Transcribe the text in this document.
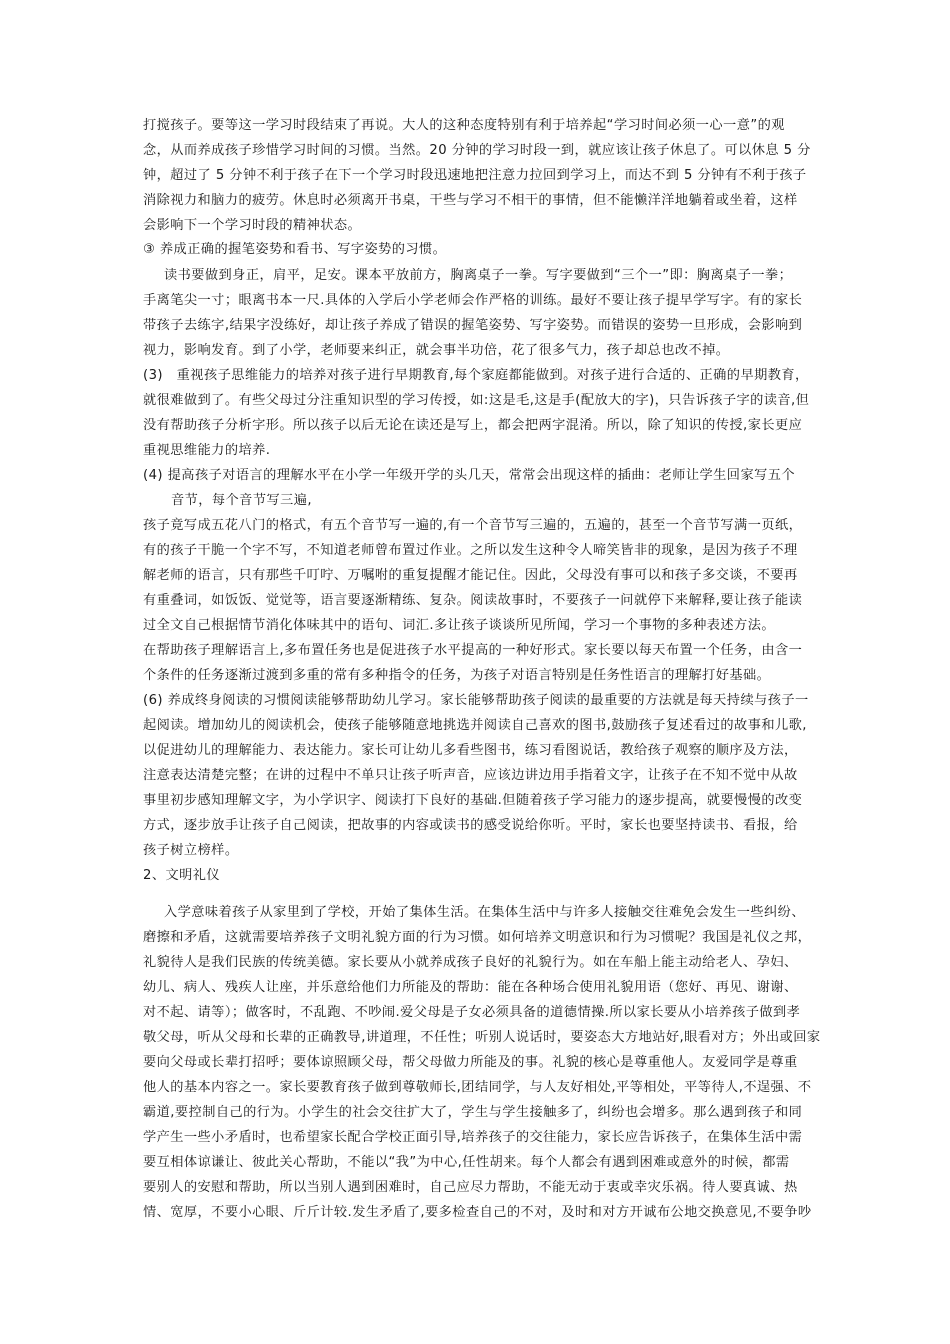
打搅孩子。要等这一学习时段结束了再说。大人的这种态度特别有利于培养起“学习时间必须一心一意”的观
念，从而养成孩子珍惜学习时间的习惯。当然。20 分钟的学习时段一到，就应该让孩子休息了。可以休息 5 分
钟，超过了 5 分钟不利于孩子在下一个学习时段迅速地把注意力拉回到学习上，而达不到 5 分钟有不利于孩子
消除视力和脑力的疲劳。休息时必须离开书桌，干些与学习不相干的事情，但不能懒洋洋地躺着或坐着，这样
会影响下一个学习时段的精神状态。
③ 养成正确的握笔姿势和看书、写字姿势的习惯。
读书要做到身正，肩平，足安。课本平放前方，胸离桌子一拳。写字要做到“三个一”即：胸离桌子一拳；
手离笔尖一寸；眼离书本一尺.具体的入学后小学老师会作严格的训练。最好不要让孩子提早学写字。有的家长
带孩子去练字,结果字没练好，却让孩子养成了错误的握笔姿势、写字姿势。而错误的姿势一旦形成，会影响到
视力，影响发育。到了小学，老师要来纠正，就会事半功倍，花了很多气力，孩子却总也改不掉。
(3)　重视孩子思维能力的培养对孩子进行早期教育,每个家庭都能做到。对孩子进行合适的、正确的早期教育，
就很难做到了。有些父母过分注重知识型的学习传授，如:这是毛,这是手(配放大的字)，只告诉孩子字的读音,但
没有帮助孩子分析字形。所以孩子以后无论在读还是写上，都会把两字混淆。所以，除了知识的传授,家长更应
重视思维能力的培养.
(4) 提高孩子对语言的理解水平在小学一年级开学的头几天，常常会出现这样的插曲：老师让学生回家写五个
音节，每个音节写三遍,
孩子竟写成五花八门的格式，有五个音节写一遍的,有一个音节写三遍的，五遍的，甚至一个音节写满一页纸，
有的孩子干脆一个字不写，不知道老师曾布置过作业。之所以发生这种令人啼笑皆非的现象，是因为孩子不理
解老师的语言，只有那些千叮咛、万嘱咐的重复提醒才能记住。因此，父母没有事可以和孩子多交谈，不要再
有重叠词，如饭饭、觉觉等，语言要逐渐精练、复杂。阅读故事时，不要孩子一问就停下来解释,要让孩子能读
过全文自己根据情节消化体味其中的语句、词汇.多让孩子谈谈所见所闻，学习一个事物的多种表述方法。
在帮助孩子理解语言上,多布置任务也是促进孩子水平提高的一种好形式。家长要以每天布置一个任务，由含一
个条件的任务逐渐过渡到多重的常有多种指令的任务，为孩子对语言特别是任务性语言的理解打好基础。
(6) 养成终身阅读的习惯阅读能够帮助幼儿学习。家长能够帮助孩子阅读的最重要的方法就是每天持续与孩子一
起阅读。增加幼儿的阅读机会，使孩子能够随意地挑选并阅读自己喜欢的图书,鼓励孩子复述看过的故事和儿歌,
以促进幼儿的理解能力、表达能力。家长可让幼儿多看些图书，练习看图说话，教给孩子观察的顺序及方法，
注意表达清楚完整；在讲的过程中不单只让孩子听声音，应该边讲边用手指着文字，让孩子在不知不觉中从故
事里初步感知理解文字，为小学识字、阅读打下良好的基础.但随着孩子学习能力的逐步提高，就要慢慢的改变
方式，逐步放手让孩子自己阅读，把故事的内容或读书的感受说给你听。平时，家长也要坚持读书、看报，给
孩子树立榜样。
2、文明礼仪
入学意味着孩子从家里到了学校，开始了集体生活。在集体生活中与许多人接触交往难免会发生一些纠纷、
磨擦和矛盾，这就需要培养孩子文明礼貌方面的行为习惯。如何培养文明意识和行为习惯呢？我国是礼仪之邦，
礼貌待人是我们民族的传统美德。家长要从小就养成孩子良好的礼貌行为。如在车船上能主动给老人、孕妇、
幼儿、病人、残疾人让座，并乐意给他们力所能及的帮助：能在各种场合使用礼貌用语（您好、再见、谢谢、
对不起、请等）；做客时，不乱跑、不吵闹.爱父母是子女必须具备的道德情操.所以家长要从小培养孩子做到孝
敬父母，听从父母和长辈的正确教导,讲道理，不任性；听别人说话时，要姿态大方地站好,眼看对方；外出或回家
要向父母或长辈打招呼；要体谅照顾父母，帮父母做力所能及的事。礼貌的核心是尊重他人。友爱同学是尊重
他人的基本内容之一。家长要教育孩子做到尊敬师长,团结同学，与人友好相处,平等相处，平等待人,不逞强、不
霸道,要控制自己的行为。小学生的社会交往扩大了，学生与学生接触多了，纠纷也会增多。那么遇到孩子和同
学产生一些小矛盾时，也希望家长配合学校正面引导,培养孩子的交往能力，家长应告诉孩子，在集体生活中需
要互相体谅谦让、彼此关心帮助，不能以“我”为中心,任性胡来。每个人都会有遇到困难或意外的时候，都需
要别人的安慰和帮助，所以当别人遇到困难时，自己应尽力帮助，不能无动于衷或幸灾乐祸。待人要真诚、热
情、宽厚，不要小心眼、斤斤计较.发生矛盾了,要多检查自己的不对，及时和对方开诚布公地交换意见,不要争吵
